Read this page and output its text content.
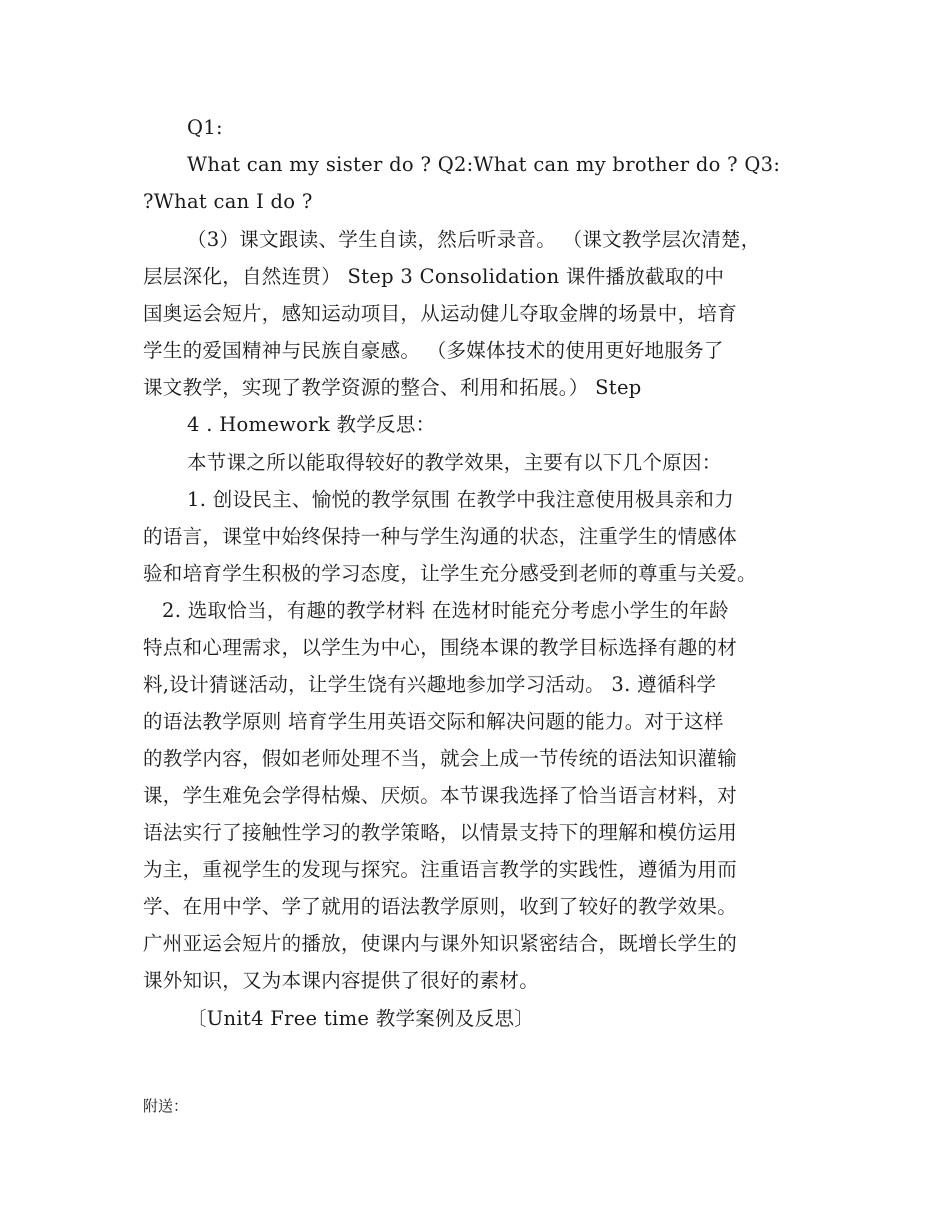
Q1:
What can my sister do ? Q2:What can my brother do ? Q3:
?What can I do ?
（3）课文跟读、学生自读，然后听录音。 （课文教学层次清楚，
层层深化，自然连贯） Step 3 Consolidation 课件播放截取的中
国奥运会短片，感知运动项目，从运动健儿夺取金牌的场景中，培育
学生的爱国精神与民族自豪感。 （多媒体技术的使用更好地服务了
课文教学，实现了教学资源的整合、利用和拓展。） Step
4 . Homework 教学反思：
本节课之所以能取得较好的教学效果，主要有以下几个原因：
1. 创设民主、愉悦的教学氛围 在教学中我注意使用极具亲和力
的语言，课堂中始终保持一种与学生沟通的状态，注重学生的情感体
验和培育学生积极的学习态度，让学生充分感受到老师的尊重与关爱。
2. 选取恰当，有趣的教学材料 在选材时能充分考虑小学生的年龄
特点和心理需求，以学生为中心，围绕本课的教学目标选择有趣的材
料,设计猜谜活动，让学生饶有兴趣地参加学习活动。 3. 遵循科学
的语法教学原则 培育学生用英语交际和解决问题的能力。对于这样
的教学内容，假如老师处理不当，就会上成一节传统的语法知识灌输
课，学生难免会学得枯燥、厌烦。本节课我选择了恰当语言材料，对
语法实行了接触性学习的教学策略，以情景支持下的理解和模仿运用
为主，重视学生的发现与探究。注重语言教学的实践性，遵循为用而
学、在用中学、学了就用的语法教学原则，收到了较好的教学效果。
广州亚运会短片的播放，使课内与课外知识紧密结合，既增长学生的
课外知识，又为本课内容提供了很好的素材。
〔Unit4 Free time 教学案例及反思〕
附送：
